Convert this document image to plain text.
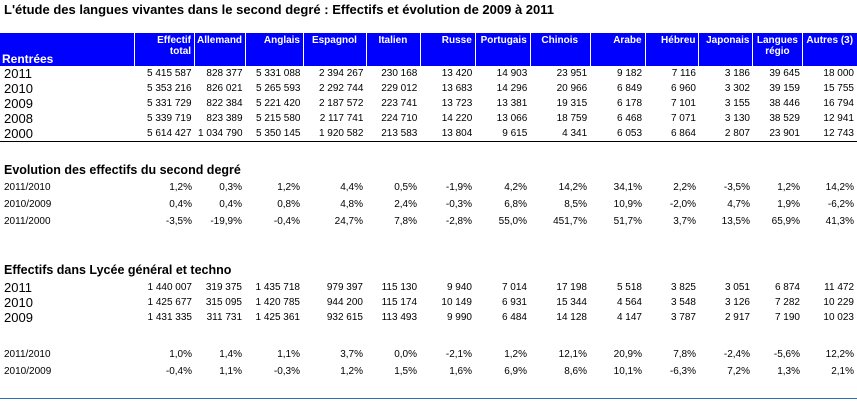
L'étude des langues vivantes dans le second degré : Effectifs et évolution de 2009 à 2011
Rentrées	Effectif total	Allemand	Anglais	Espagnol	Italien	Russe	Portugais	Chinois	Arabe	Hébreu	Japonais	Langues régio	Autres (3)
2011	5 415 587	828 377	5 331 088	2 394 267	230 168	13 420	14 903	23 951	9 182	7 116	3 186	39 645	18 000
2010	5 353 216	826 021	5 265 593	2 292 744	229 012	13 683	14 296	20 966	6 849	6 960	3 302	39 159	15 755
2009	5 331 729	822 384	5 221 420	2 187 572	223 741	13 723	13 381	19 315	6 178	7 101	3 155	38 446	16 794
2008	5 339 719	823 389	5 215 580	2 117 741	224 710	14 220	13 066	18 759	6 468	7 071	3 130	38 529	12 941
2000	5 614 427	1 034 790	5 350 145	1 920 582	213 583	13 804	9 615	4 341	6 053	6 864	2 807	23 901	12 743
Evolution des effectifs du second degré
2011/2010	1,2%	0,3%	1,2%	4,4%	0,5%	-1,9%	4,2%	14,2%	34,1%	2,2%	-3,5%	1,2%	14,2%
2010/2009	0,4%	0,4%	0,8%	4,8%	2,4%	-0,3%	6,8%	8,5%	10,9%	-2,0%	4,7%	1,9%	-6,2%
2011/2000	-3,5%	-19,9%	-0,4%	24,7%	7,8%	-2,8%	55,0%	451,7%	51,7%	3,7%	13,5%	65,9%	41,3%
Effectifs dans Lycée général et techno
2011	1 440 007	319 375	1 435 718	979 397	115 130	9 940	7 014	17 198	5 518	3 825	3 051	6 874	11 472
2010	1 425 677	315 095	1 420 785	944 200	115 174	10 149	6 931	15 344	4 564	3 548	3 126	7 282	10 229
2009	1 431 335	311 731	1 425 361	932 615	113 493	9 990	6 484	14 128	4 147	3 787	2 917	7 190	10 023
2011/2010	1,0%	1,4%	1,1%	3,7%	0,0%	-2,1%	1,2%	12,1%	20,9%	7,8%	-2,4%	-5,6%	12,2%
2010/2009	-0,4%	1,1%	-0,3%	1,2%	1,5%	1,6%	6,9%	8,6%	10,1%	-6,3%	7,2%	1,3%	2,1%
